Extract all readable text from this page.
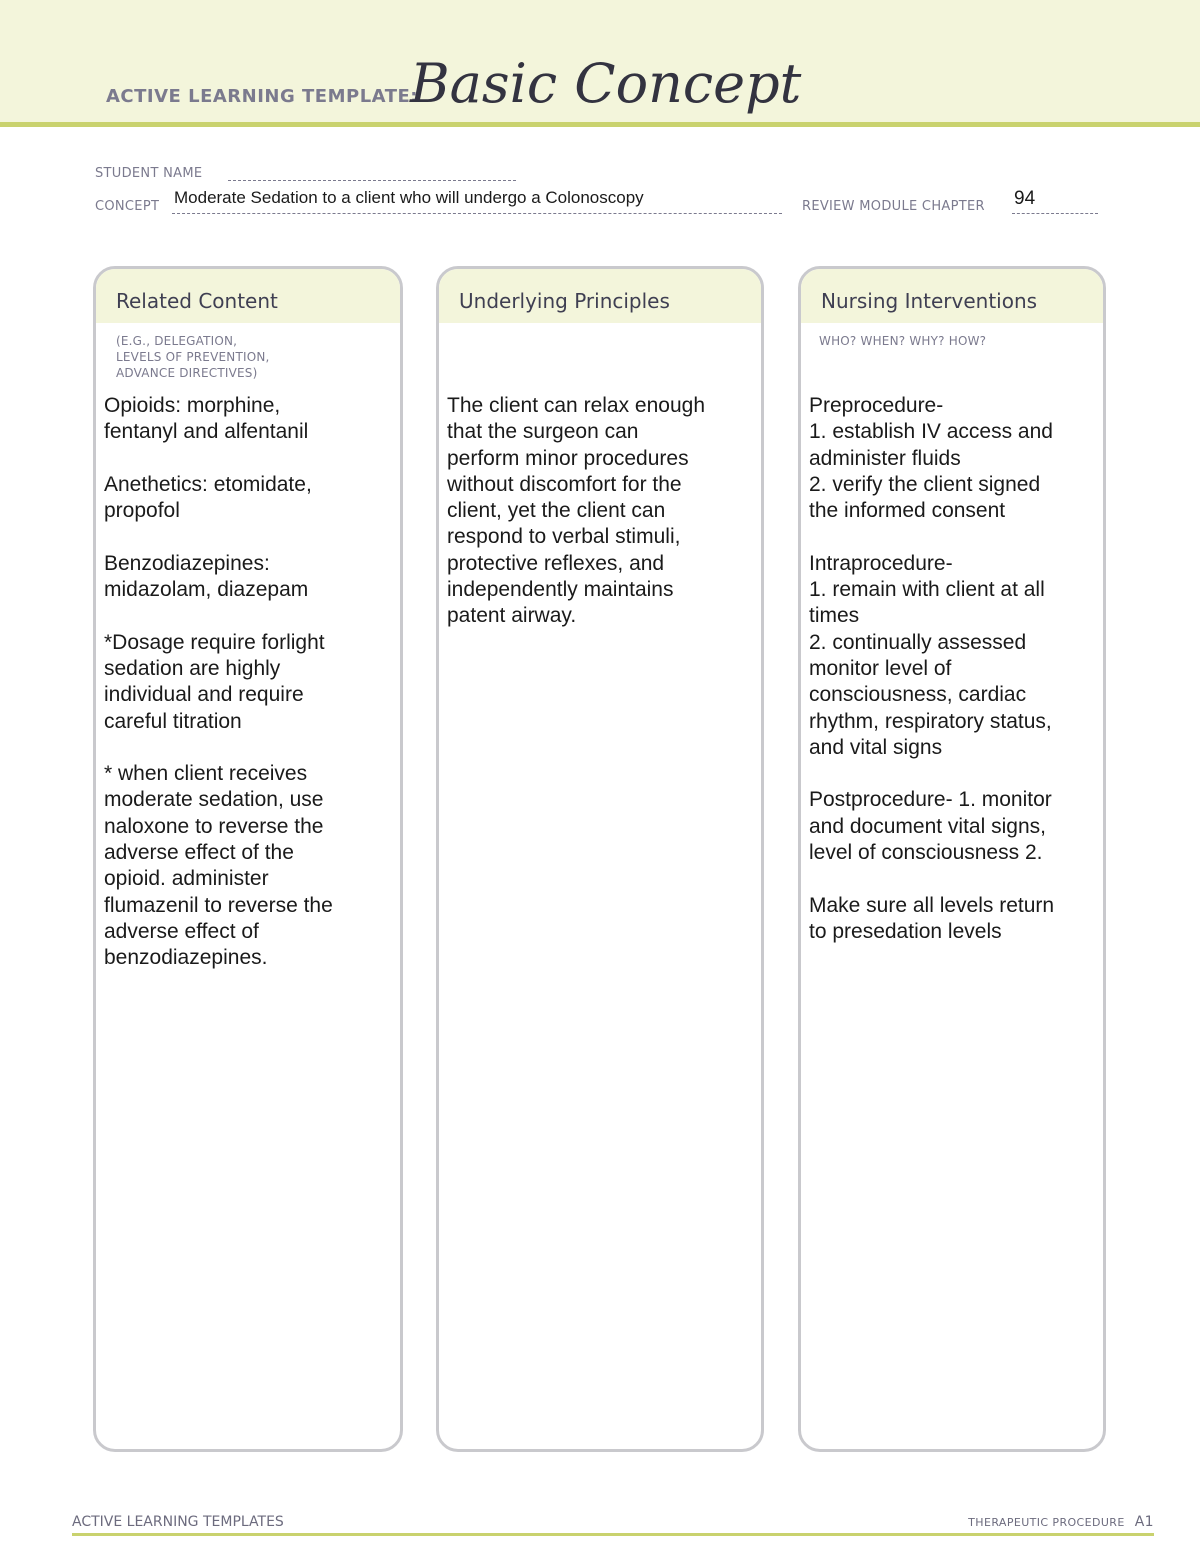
ACTIVE LEARNING TEMPLATE:
Basic Concept
STUDENT NAME
CONCEPT Moderate Sedation to a client who will undergo a Colonoscopy	REVIEW MODULE CHAPTER 94
Related Content
(E.G., DELEGATION,
LEVELS OF PREVENTION,
ADVANCE DIRECTIVES)
Opioids: morphine,
fentanyl and alfentanil

Anethetics: etomidate,
propofol

Benzodiazepines:
midazolam, diazepam

*Dosage require forlight
sedation are highly
individual and require
careful titration

* when client receives
moderate sedation, use
naloxone to reverse the
adverse effect of the
opioid. administer
flumazenil to reverse the
adverse effect of
benzodiazepines.
Underlying Principles
The client can relax enough
that the surgeon can
perform minor procedures
without discomfort for the
client, yet the client can
respond to verbal stimuli,
protective reflexes, and
independently maintains
patent airway.
Nursing Interventions
WHO? WHEN? WHY? HOW?
Preprocedure-
1. establish IV access and
administer fluids
2. verify the client signed
the informed consent

Intraprocedure-
1. remain with client at all
times
2. continually assessed
monitor level of
consciousness, cardiac
rhythm, respiratory status,
and vital signs

Postprocedure- 1. monitor
and document vital signs,
level of consciousness 2.

Make sure all levels return
to presedation levels
ACTIVE LEARNING TEMPLATES	THERAPEUTIC PROCEDURE A1
